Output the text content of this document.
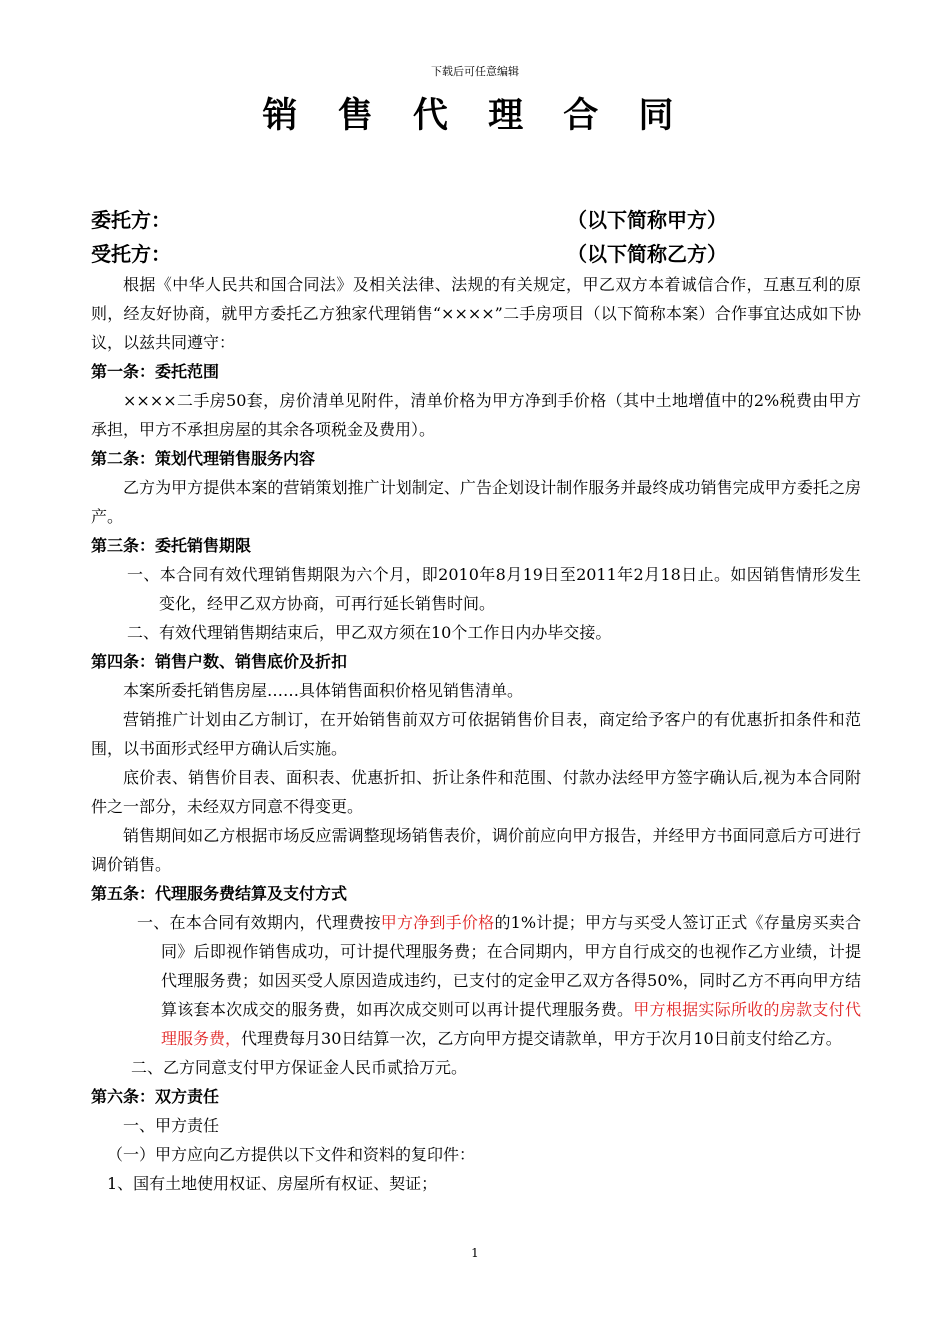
下载后可任意编辑
销 售 代 理 合 同
委托方：	（以下简称甲方）
受托方：	（以下简称乙方）

根据《中华人民共和国合同法》及相关法律、法规的有关规定，甲乙双方本着诚信合作，互惠互利的原则，经友好协商，就甲方委托乙方独家代理销售“××××”二手房项目（以下简称本案）合作事宜达成如下协议，以兹共同遵守：

第一条：委托范围

××××二手房50套，房价清单见附件，清单价格为甲方净到手价格（其中土地增值中的2%税费由甲方承担，甲方不承担房屋的其余各项税金及费用）。

第二条：策划代理销售服务内容

乙方为甲方提供本案的营销策划推广计划制定、广告企划设计制作服务并最终成功销售完成甲方委托之房产。

第三条：委托销售期限

一、本合同有效代理销售期限为六个月，即2010年8月19日至2011年2月18日止。如因销售情形发生变化，经甲乙双方协商，可再行延长销售时间。

二、有效代理销售期结束后，甲乙双方须在10个工作日内办毕交接。

第四条：销售户数、销售底价及折扣

本案所委托销售房屋……具体销售面积价格见销售清单。

营销推广计划由乙方制订，在开始销售前双方可依据销售价目表，商定给予客户的有优惠折扣条件和范围，以书面形式经甲方确认后实施。

底价表、销售价目表、面积表、优惠折扣、折让条件和范围、付款办法经甲方签字确认后,视为本合同附件之一部分，未经双方同意不得变更。

销售期间如乙方根据市场反应需调整现场销售表价，调价前应向甲方报告，并经甲方书面同意后方可进行调价销售。

第五条：代理服务费结算及支付方式

一、在本合同有效期内，代理费按甲方净到手价格的1%计提；甲方与买受人签订正式《存量房买卖合同》后即视作销售成功，可计提代理服务费；在合同期内，甲方自行成交的也视作乙方业绩，计提代理服务费；如因买受人原因造成违约，已支付的定金甲乙双方各得50%，同时乙方不再向甲方结算该套本次成交的服务费，如再次成交则可以再计提代理服务费。甲方根据实际所收的房款支付代理服务费，代理费每月30日结算一次，乙方向甲方提交请款单，甲方于次月10日前支付给乙方。

二、乙方同意支付甲方保证金人民币贰拾万元。

第六条：双方责任

一、甲方责任

（一）甲方应向乙方提供以下文件和资料的复印件：

1、国有土地使用权证、房屋所有权证、契证；

1
